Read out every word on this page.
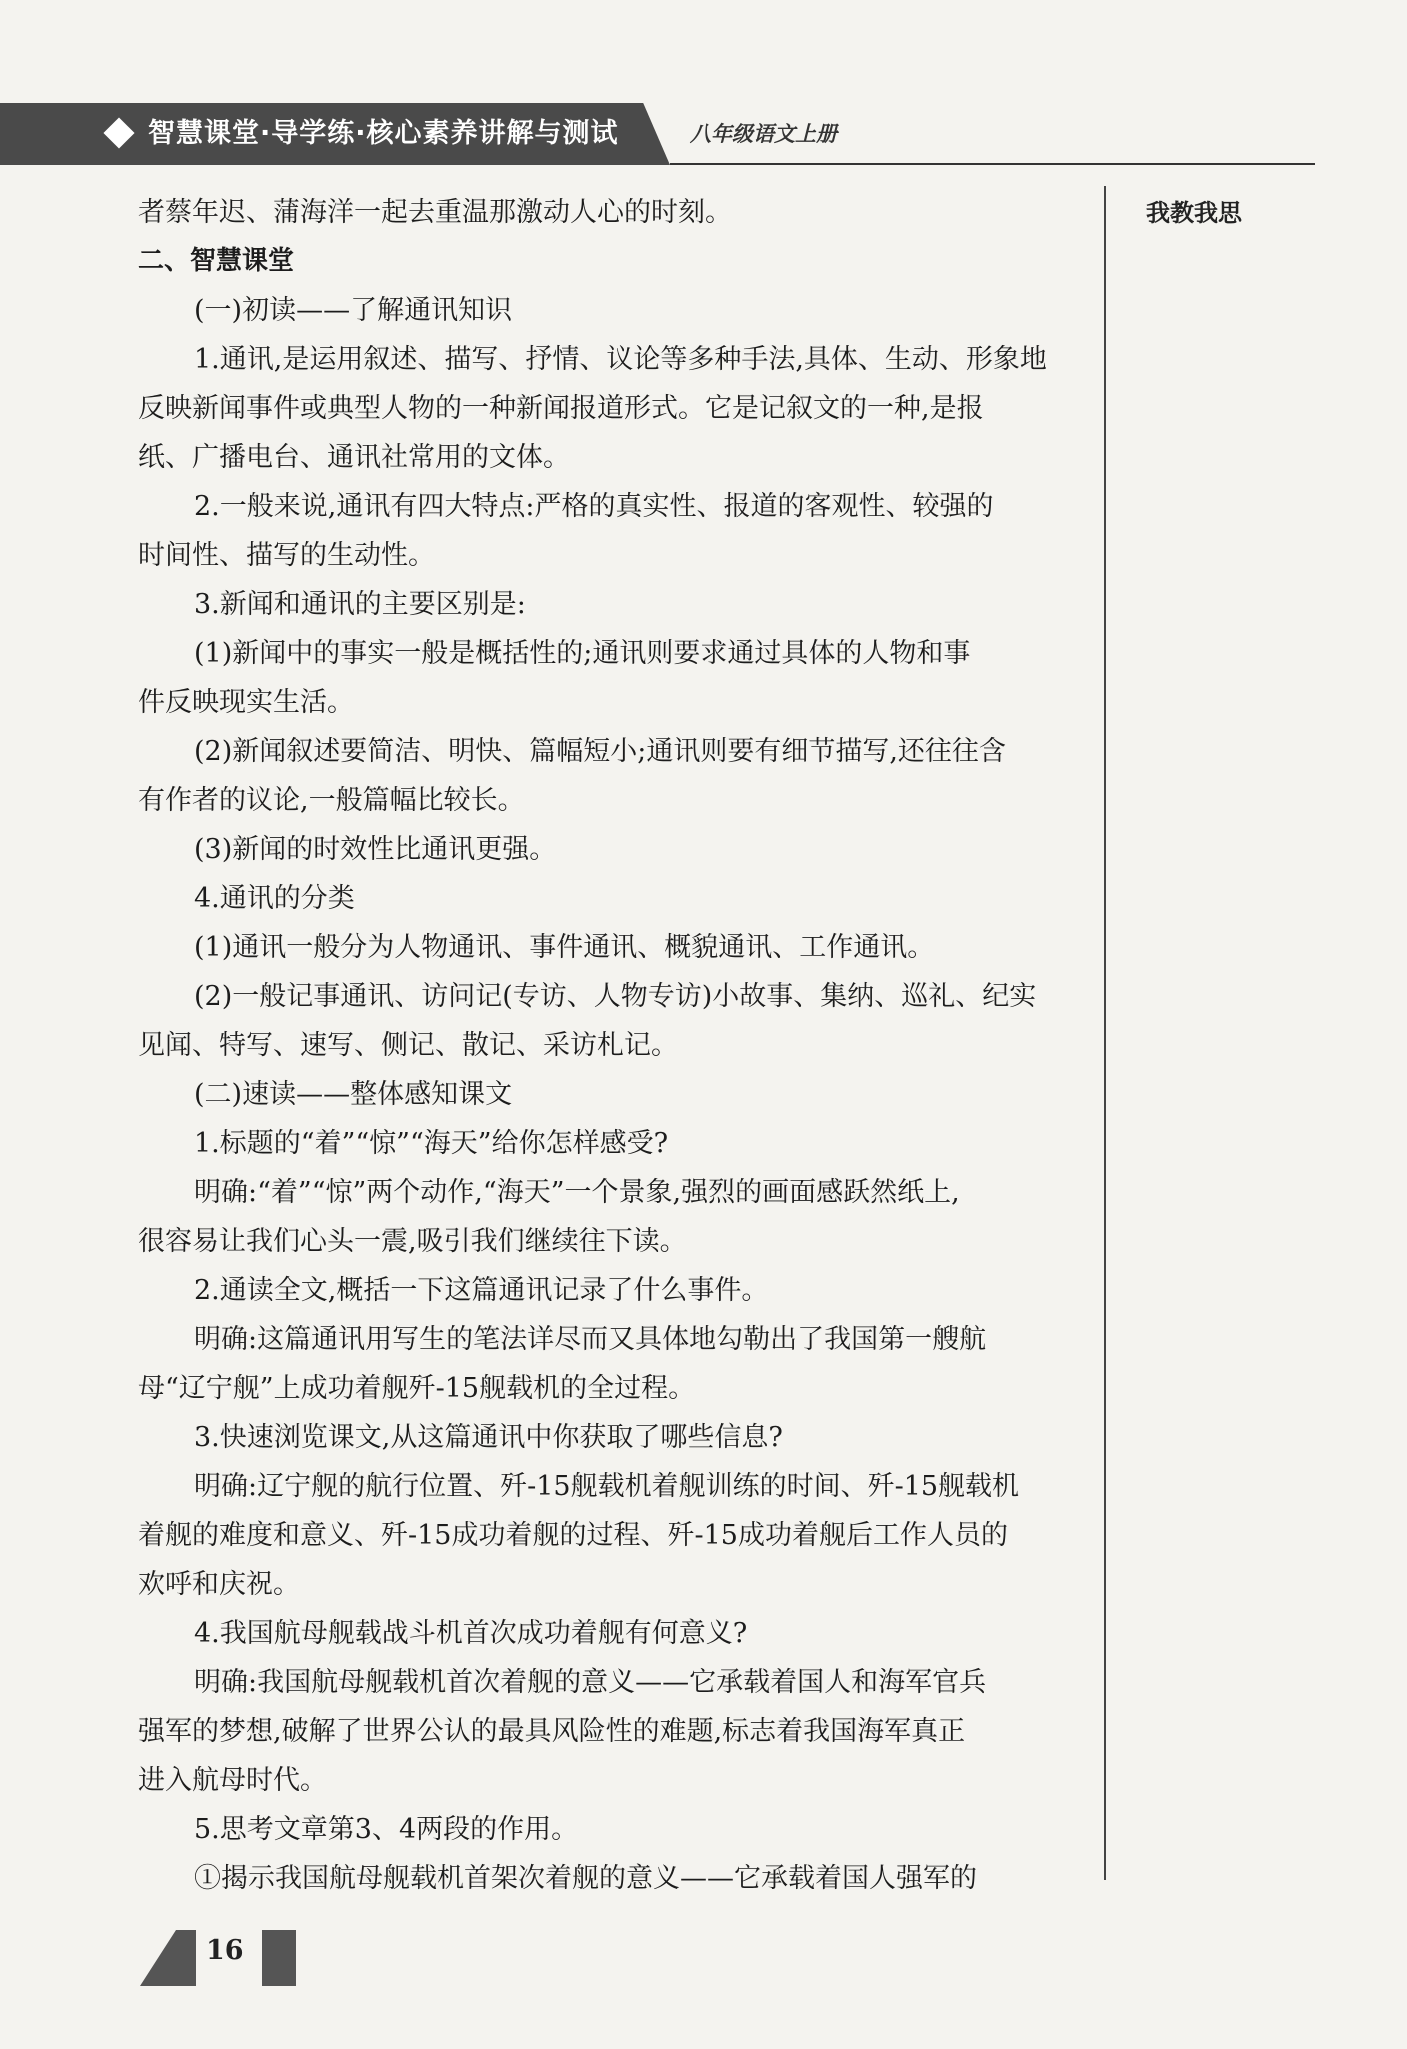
智慧课堂·导学练·核心素养讲解与测试	八年级语文上册
我教我思

者蔡年迟、蒲海洋一起去重温那激动人心的时刻。

二、智慧课堂

(一)初读——了解通讯知识

1.通讯,是运用叙述、描写、抒情、议论等多种手法,具体、生动、形象地

反映新闻事件或典型人物的一种新闻报道形式。它是记叙文的一种,是报

纸、广播电台、通讯社常用的文体。

2.一般来说,通讯有四大特点:严格的真实性、报道的客观性、较强的

时间性、描写的生动性。

3.新闻和通讯的主要区别是:

(1)新闻中的事实一般是概括性的;通讯则要求通过具体的人物和事

件反映现实生活。

(2)新闻叙述要简洁、明快、篇幅短小;通讯则要有细节描写,还往往含

有作者的议论,一般篇幅比较长。

(3)新闻的时效性比通讯更强。

4.通讯的分类

(1)通讯一般分为人物通讯、事件通讯、概貌通讯、工作通讯。

(2)一般记事通讯、访问记(专访、人物专访)小故事、集纳、巡礼、纪实

见闻、特写、速写、侧记、散记、采访札记。

(二)速读——整体感知课文

1.标题的“着”“惊”“海天”给你怎样感受?

明确:“着”“惊”两个动作,“海天”一个景象,强烈的画面感跃然纸上,

很容易让我们心头一震,吸引我们继续往下读。

2.通读全文,概括一下这篇通讯记录了什么事件。

明确:这篇通讯用写生的笔法详尽而又具体地勾勒出了我国第一艘航

母“辽宁舰”上成功着舰歼-15舰载机的全过程。

3.快速浏览课文,从这篇通讯中你获取了哪些信息?

明确:辽宁舰的航行位置、歼-15舰载机着舰训练的时间、歼-15舰载机

着舰的难度和意义、歼-15成功着舰的过程、歼-15成功着舰后工作人员的

欢呼和庆祝。

4.我国航母舰载战斗机首次成功着舰有何意义?

明确:我国航母舰载机首次着舰的意义——它承载着国人和海军官兵

强军的梦想,破解了世界公认的最具风险性的难题,标志着我国海军真正

进入航母时代。

5.思考文章第3、4两段的作用。

①揭示我国航母舰载机首架次着舰的意义——它承载着国人强军的

16
